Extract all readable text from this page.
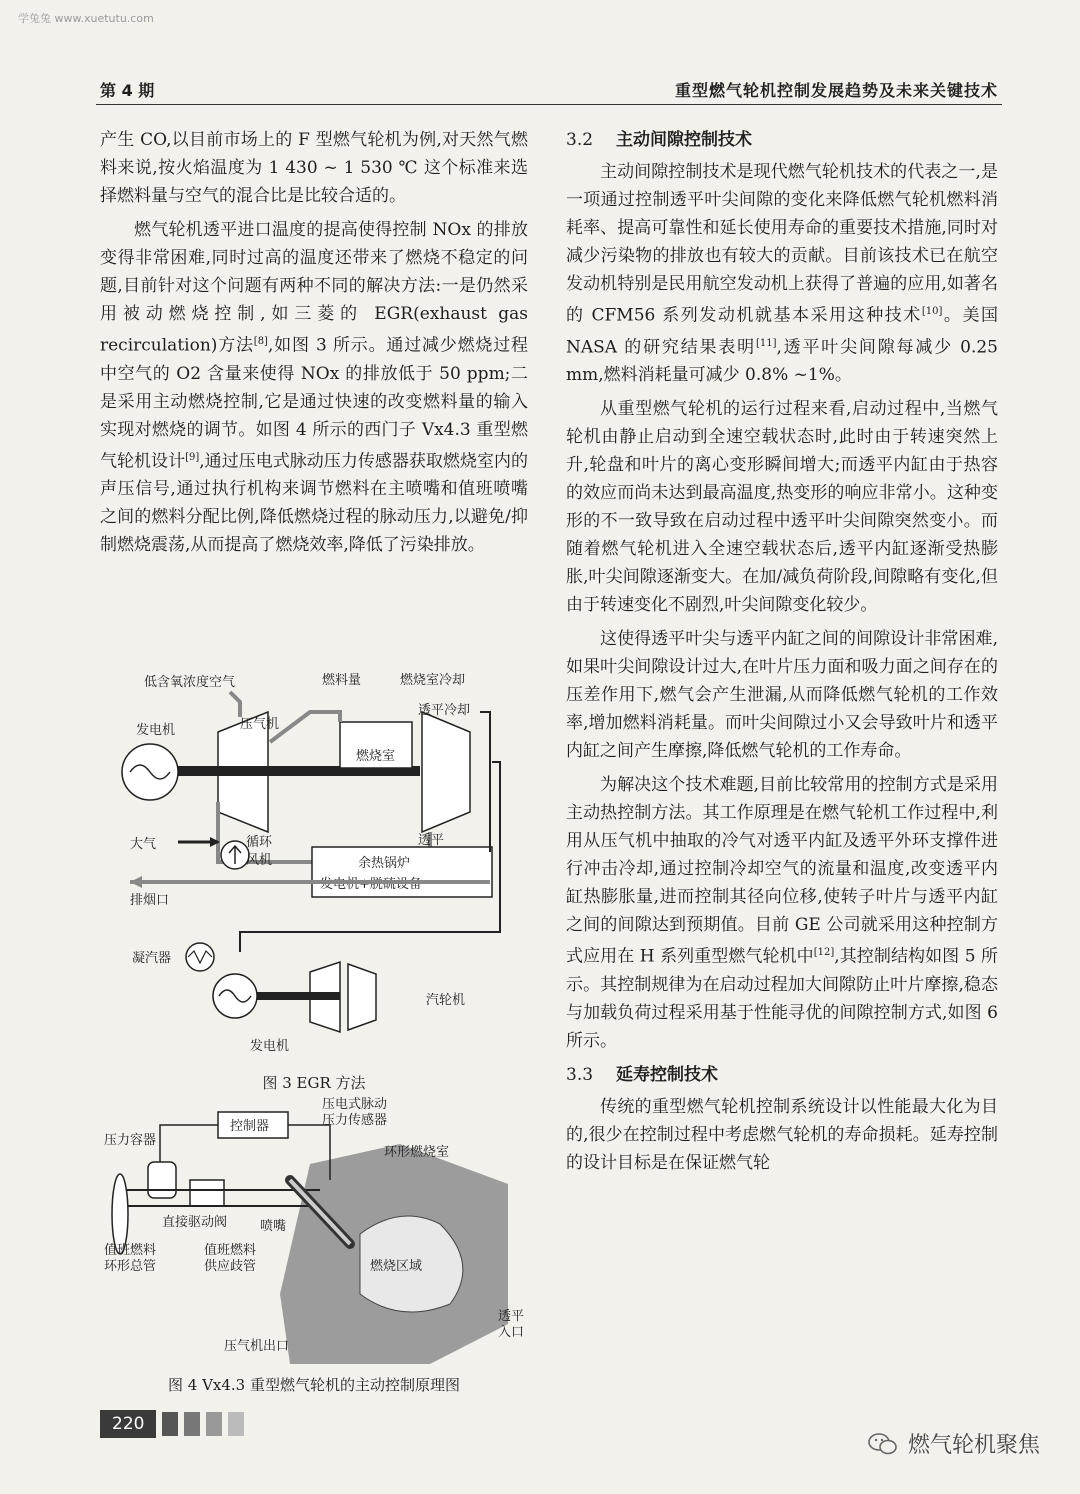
学兔兔 www.xuetutu.com
第 4 期	重型燃气轮机控制发展趋势及未来关键技术

产生 CO,以目前市场上的 F 型燃气轮机为例,对天然气燃料来说,按火焰温度为 1 430 ~ 1 530 ℃ 这个标准来选择燃料量与空气的混合比是比较合适的。

燃气轮机透平进口温度的提高使得控制 NOx 的排放变得非常困难,同时过高的温度还带来了燃烧不稳定的问题,目前针对这个问题有两种不同的解决方法:一是仍然采用被动燃烧控制,如三菱的 EGR(exhaust gas recirculation)方法[8],如图 3 所示。通过减少燃烧过程中空气的 O2 含量来使得 NOx 的排放低于 50 ppm;二是采用主动燃烧控制,它是通过快速的改变燃料量的输入实现对燃烧的调节。如图 4 所示的西门子 Vx4.3 重型燃气轮机设计[9],通过压电式脉动压力传感器获取燃烧室内的声压信号,通过执行机构来调节燃料在主喷嘴和值班喷嘴之间的燃料分配比例,降低燃烧过程的脉动压力,以避免/抑制燃烧震荡,从而提高了燃烧效率,降低了污染排放。

燃烧室
余热锅炉
发电机+脱硫设备
低含氧浓度空气	燃料量	燃烧室冷却
透平冷却
发电机	压气机
大气	透平
循环
风机
排烟口
凝汽器
汽轮机
发电机
图 3 EGR 方法
燃烧区域
控制器
压电式脉动
压力传感器
压力容器
环形燃烧室
直接驱动阀	喷嘴
值班燃料
环形总管
值班燃料
供应歧管
透平
入口
压气机出口
图 4 Vx4.3 重型燃气轮机的主动控制原理图
3.2 主动间隙控制技术

主动间隙控制技术是现代燃气轮机技术的代表之一,是一项通过控制透平叶尖间隙的变化来降低燃气轮机燃料消耗率、提高可靠性和延长使用寿命的重要技术措施,同时对减少污染物的排放也有较大的贡献。目前该技术已在航空发动机特别是民用航空发动机上获得了普遍的应用,如著名的 CFM56 系列发动机就基本采用这种技术[10]。美国 NASA 的研究结果表明[11],透平叶尖间隙每减少 0.25 mm,燃料消耗量可减少 0.8% ~1%。

从重型燃气轮机的运行过程来看,启动过程中,当燃气轮机由静止启动到全速空载状态时,此时由于转速突然上升,轮盘和叶片的离心变形瞬间增大;而透平内缸由于热容的效应而尚未达到最高温度,热变形的响应非常小。这种变形的不一致导致在启动过程中透平叶尖间隙突然变小。而随着燃气轮机进入全速空载状态后,透平内缸逐渐受热膨胀,叶尖间隙逐渐变大。在加/减负荷阶段,间隙略有变化,但由于转速变化不剧烈,叶尖间隙变化较少。

这使得透平叶尖与透平内缸之间的间隙设计非常困难,如果叶尖间隙设计过大,在叶片压力面和吸力面之间存在的压差作用下,燃气会产生泄漏,从而降低燃气轮机的工作效率,增加燃料消耗量。而叶尖间隙过小又会导致叶片和透平内缸之间产生摩擦,降低燃气轮机的工作寿命。

为解决这个技术难题,目前比较常用的控制方式是采用主动热控制方法。其工作原理是在燃气轮机工作过程中,利用从压气机中抽取的冷气对透平内缸及透平外环支撑件进行冲击冷却,通过控制冷却空气的流量和温度,改变透平内缸热膨胀量,进而控制其径向位移,使转子叶片与透平内缸之间的间隙达到预期值。目前 GE 公司就采用这种控制方式应用在 H 系列重型燃气轮机中[12],其控制结构如图 5 所示。其控制规律为在启动过程加大间隙防止叶片摩擦,稳态与加载负荷过程采用基于性能寻优的间隙控制方式,如图 6 所示。

3.3 延寿控制技术

传统的重型燃气轮机控制系统设计以性能最大化为目的,很少在控制过程中考虑燃气轮机的寿命损耗。延寿控制的设计目标是在保证燃气轮

220
燃气轮机聚焦
